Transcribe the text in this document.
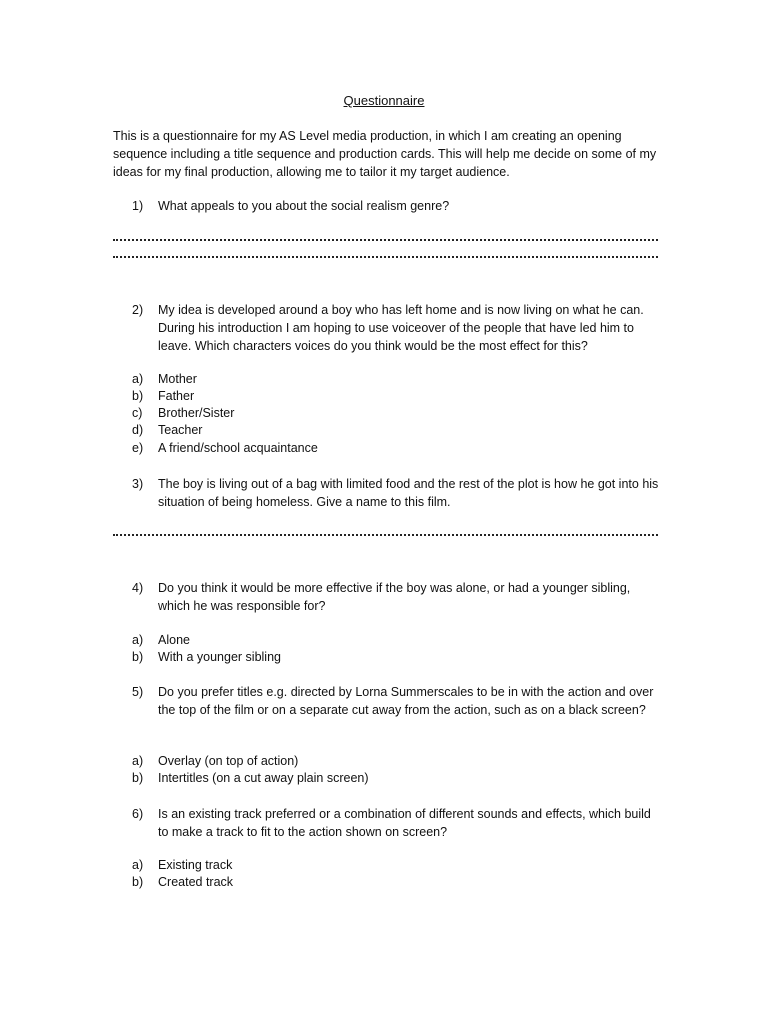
Questionnaire
This is a questionnaire for my AS Level media production, in which I am creating an opening sequence including a title sequence and production cards. This will help me decide on some of my ideas for my final production, allowing me to tailor it my target audience.
1) What appeals to you about the social realism genre?
2) My idea is developed around a boy who has left home and is now living on what he can. During his introduction I am hoping to use voiceover of the people that have led him to leave. Which characters voices do you think would be the most effect for this?
a) Mother
b) Father
c) Brother/Sister
d) Teacher
e) A friend/school acquaintance
3) The boy is living out of a bag with limited food and the rest of the plot is how he got into his situation of being homeless. Give a name to this film.
4) Do you think it would be more effective if the boy was alone, or had a younger sibling, which he was responsible for?
a) Alone
b) With a younger sibling
5) Do you prefer titles e.g. directed by Lorna Summerscales to be in with the action and over the top of the film or on a separate cut away from the action, such as on a black screen?
a) Overlay (on top of action)
b) Intertitles (on a cut away plain screen)
6) Is an existing track preferred or a combination of different sounds and effects, which build to make a track to fit to the action shown on screen?
a) Existing track
b) Created track
